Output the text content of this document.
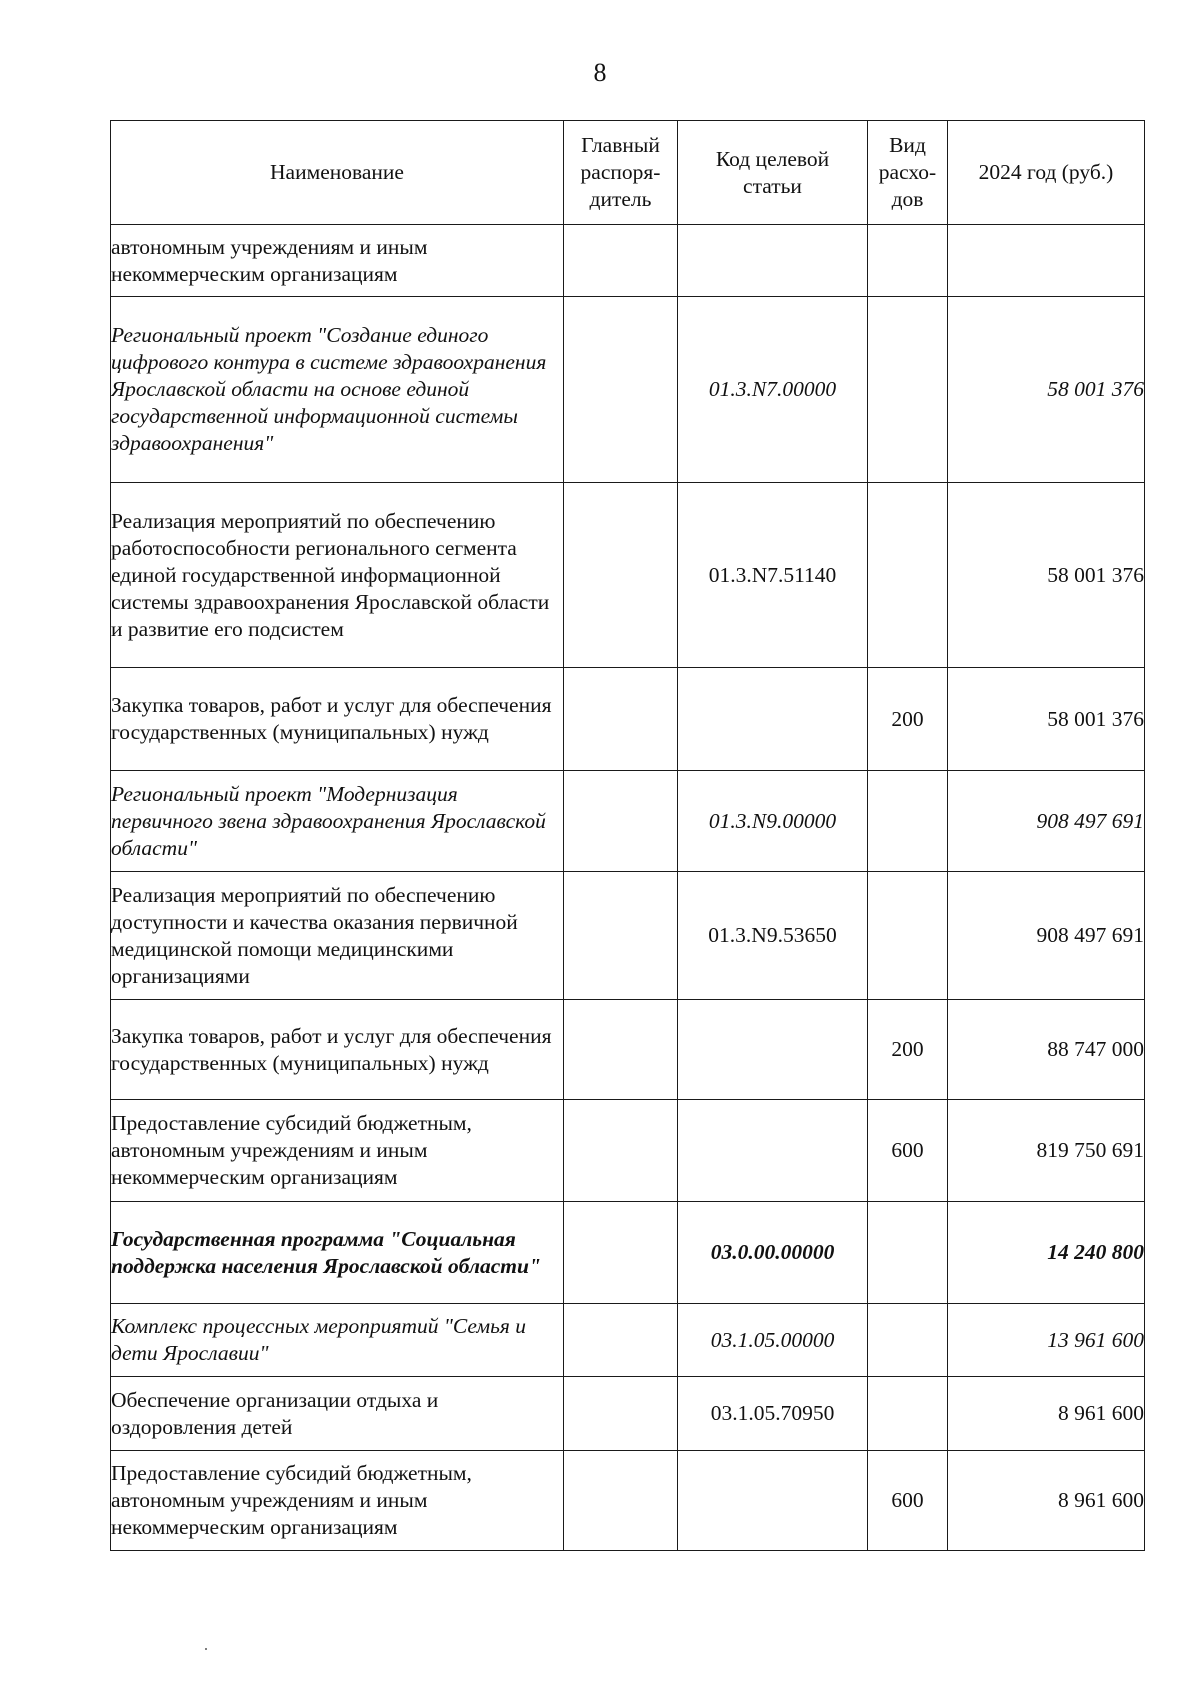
8
Наименование	Главный распоря-дитель	Код целевой статьи	Вид расхо-дов	2024 год (руб.)
автономным учреждениям и иным некоммерческим организациям				
Региональный проект "Создание единого цифрового контура в системе здравоохранения Ярославской области на основе единой государственной информационной системы здравоохранения"		01.3.N7.00000		58 001 376
Реализация мероприятий по обеспечению работоспособности регионального сегмента единой государственной информационной системы здравоохранения Ярославской области и развитие его подсистем		01.3.N7.51140		58 001 376
Закупка товаров, работ и услуг для обеспечения государственных (муниципальных) нужд			200	58 001 376
Региональный проект "Модернизация первичного звена здравоохранения Ярославской области"		01.3.N9.00000		908 497 691
Реализация мероприятий по обеспечению доступности и качества оказания первичной медицинской помощи медицинскими организациями		01.3.N9.53650		908 497 691
Закупка товаров, работ и услуг для обеспечения государственных (муниципальных) нужд			200	88 747 000
Предоставление субсидий бюджетным, автономным учреждениям и иным некоммерческим организациям			600	819 750 691
Государственная программа "Социальная поддержка населения Ярославской области"		03.0.00.00000		14 240 800
Комплекс процессных мероприятий "Семья и дети Ярославии"		03.1.05.00000		13 961 600
Обеспечение организации отдыха и оздоровления детей		03.1.05.70950		8 961 600
Предоставление субсидий бюджетным, автономным учреждениям и иным некоммерческим организациям			600	8 961 600
